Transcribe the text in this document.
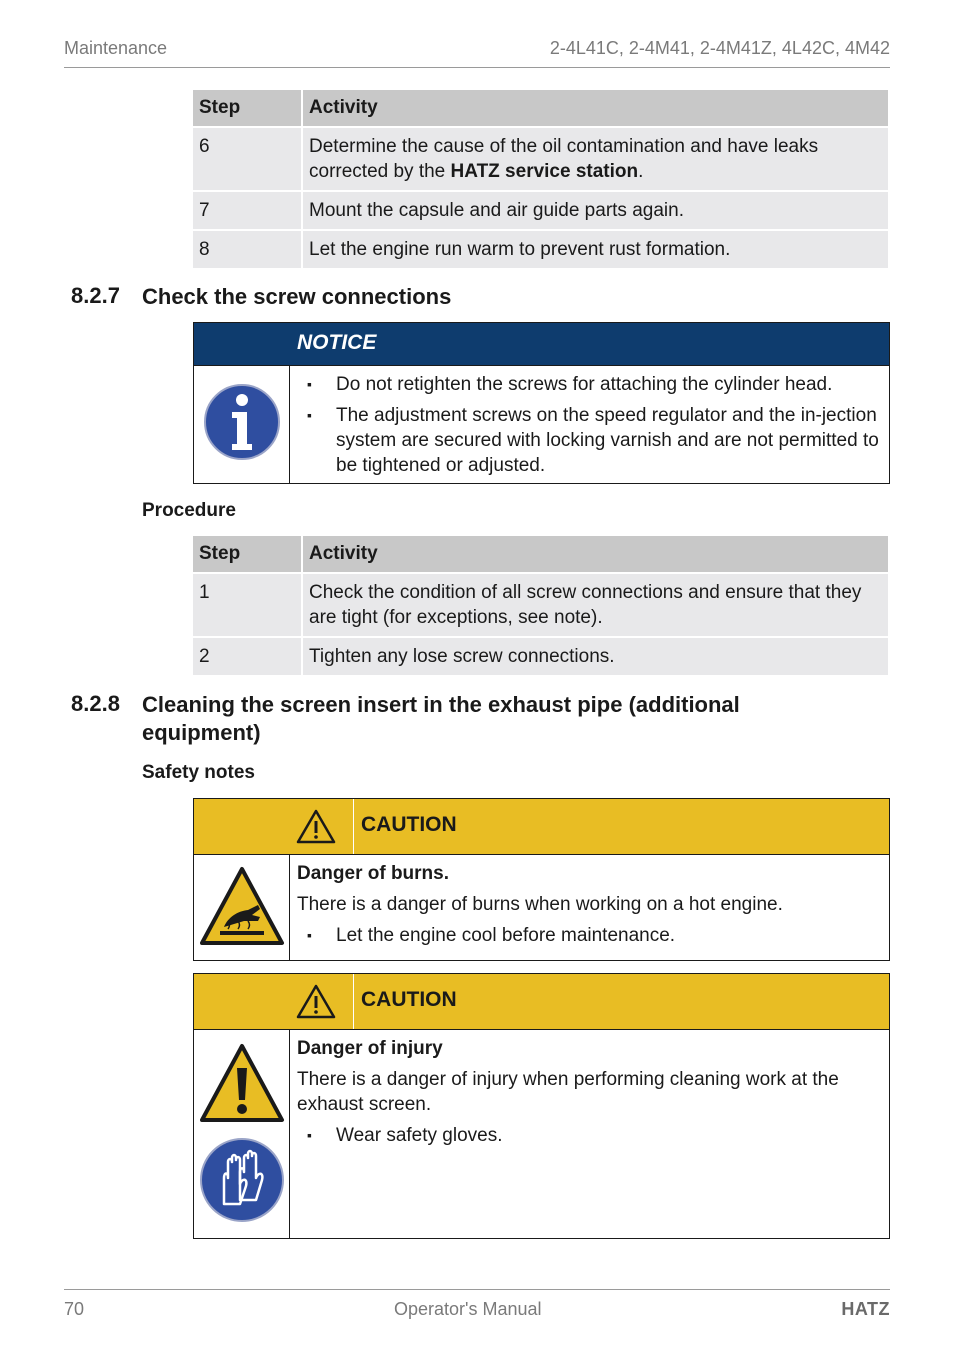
Maintenance	2-4L41C, 2-4M41, 2-4M41Z, 4L42C, 4M42
Step	Activity
6	Determine the cause of the oil contamination and have leaks corrected by the HATZ service station.
7	Mount the capsule and air guide parts again.
8	Let the engine run warm to prevent rust formation.
8.2.7 Check the screw connections
NOTICE
▪ Do not retighten the screws for attaching the cylinder head.
▪ The adjustment screws on the speed regulator and the in-jection system are secured with locking varnish and are not permitted to be tightened or adjusted.
Procedure
Step	Activity
1	Check the condition of all screw connections and ensure that they are tight (for exceptions, see note).
2	Tighten any lose screw connections.
8.2.8 Cleaning the screen insert in the exhaust pipe (additional equipment)
Safety notes
CAUTION
Danger of burns.
There is a danger of burns when working on a hot engine.
▪ Let the engine cool before maintenance.
CAUTION
Danger of injury
There is a danger of injury when performing cleaning work at the exhaust screen.
▪ Wear safety gloves.
70	Operator's Manual	HATZ
